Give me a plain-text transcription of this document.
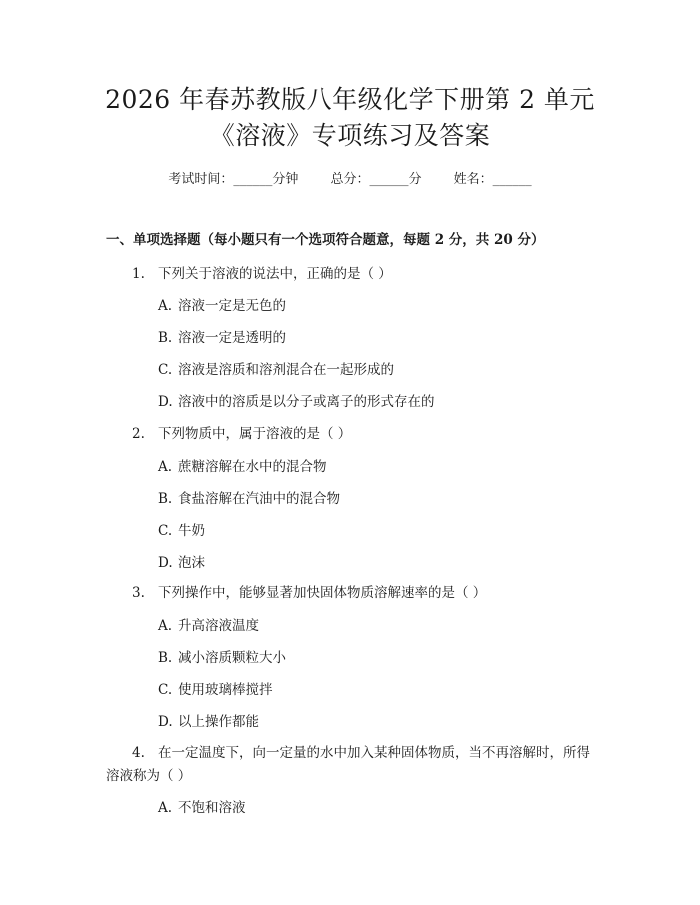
2026 年春苏教版八年级化学下册第 2 单元
《溶液》专项练习及答案
考试时间：______分钟 总分：______分 姓名：______
一、单项选择题（每小题只有一个选项符合题意，每题 2 分，共 20 分）
1. 下列关于溶液的说法中，正确的是（ ）
A. 溶液一定是无色的
B. 溶液一定是透明的
C. 溶液是溶质和溶剂混合在一起形成的
D. 溶液中的溶质是以分子或离子的形式存在的
2. 下列物质中，属于溶液的是（ ）
A. 蔗糖溶解在水中的混合物
B. 食盐溶解在汽油中的混合物
C. 牛奶
D. 泡沫
3. 下列操作中，能够显著加快固体物质溶解速率的是（ ）
A. 升高溶液温度
B. 减小溶质颗粒大小
C. 使用玻璃棒搅拌
D. 以上操作都能
4. 在一定温度下，向一定量的水中加入某种固体物质，当不再溶解时，所得
溶液称为（ ）
A. 不饱和溶液
